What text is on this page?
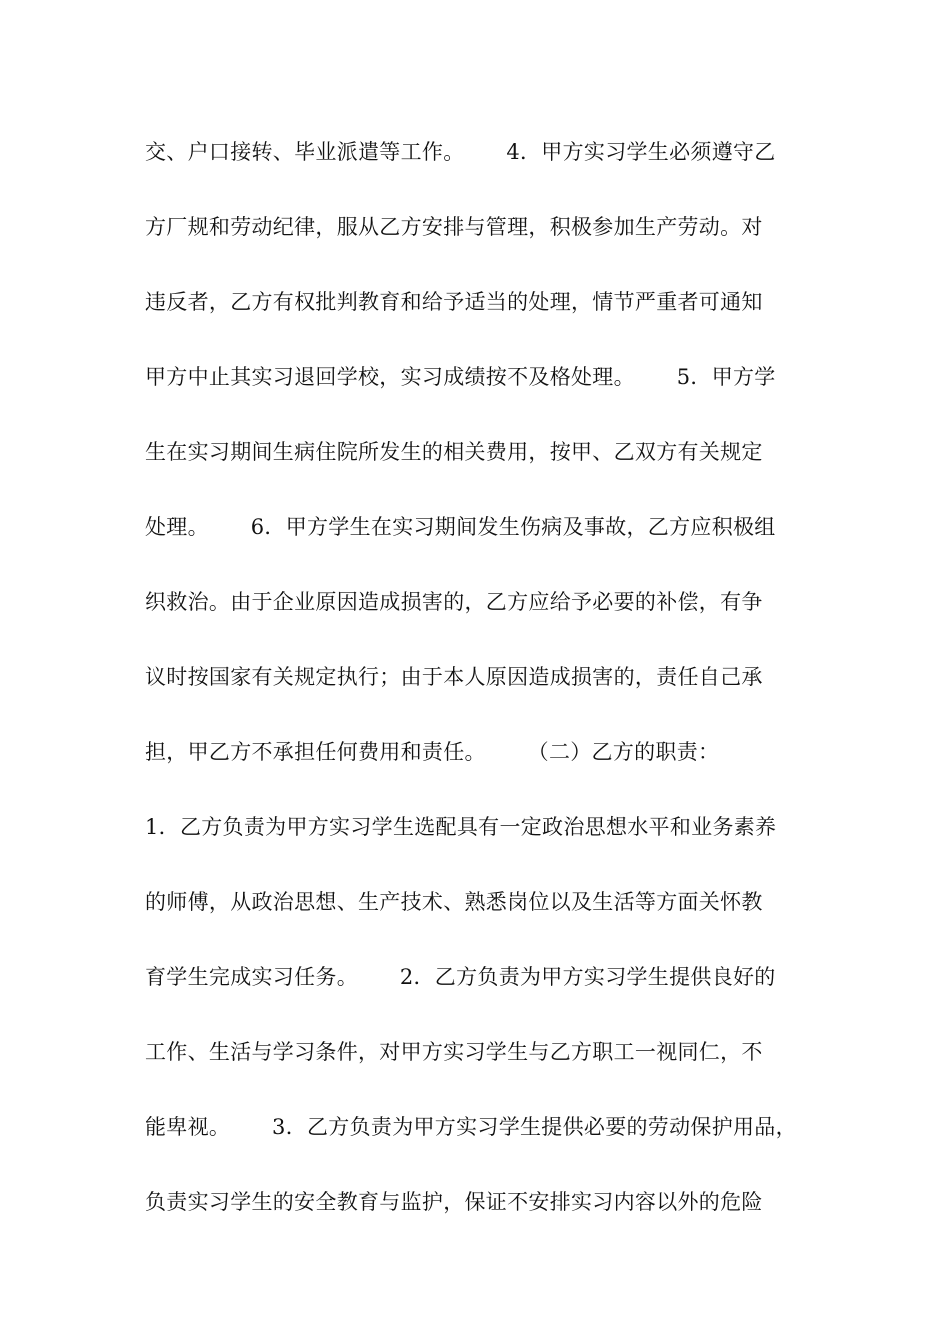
交、户口接转、毕业派遣等工作。      4．甲方实习学生必须遵守乙
方厂规和劳动纪律，服从乙方安排与管理，积极参加生产劳动。对
违反者，乙方有权批判教育和给予适当的处理，情节严重者可通知
甲方中止其实习退回学校，实习成绩按不及格处理。      5．甲方学
生在实习期间生病住院所发生的相关费用，按甲、乙双方有关规定
处理。      6．甲方学生在实习期间发生伤病及事故，乙方应积极组
织救治。由于企业原因造成损害的，乙方应给予必要的补偿，有争
议时按国家有关规定执行；由于本人原因造成损害的，责任自己承
担，甲乙方不承担任何费用和责任。      （二）乙方的职责：
1．乙方负责为甲方实习学生选配具有一定政治思想水平和业务素养
的师傅，从政治思想、生产技术、熟悉岗位以及生活等方面关怀教
育学生完成实习任务。      2．乙方负责为甲方实习学生提供良好的
工作、生活与学习条件，对甲方实习学生与乙方职工一视同仁，不
能卑视。      3．乙方负责为甲方实习学生提供必要的劳动保护用品，
负责实习学生的安全教育与监护，保证不安排实习内容以外的危险
